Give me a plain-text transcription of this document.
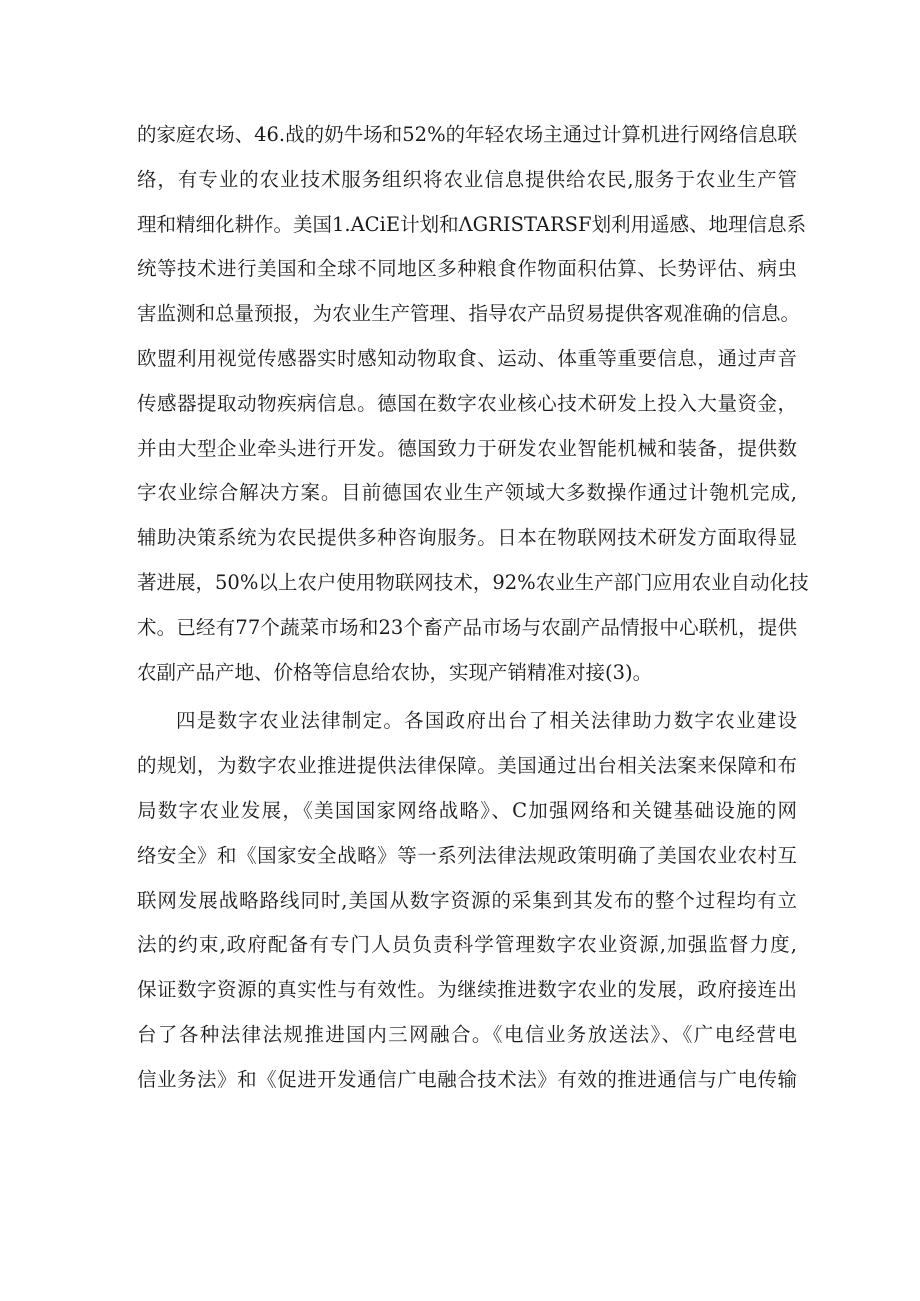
的家庭农场、46.战的奶牛场和52%的年轻农场主通过计算机进行网络信息联
络，有专业的农业技术服务组织将农业信息提供给农民,服务于农业生产管
理和精细化耕作。美国1.ACiE计划和ΛGRISTARSF划利用遥感、地理信息系
统等技术进行美国和全球不同地区多种粮食作物面积估算、长势评估、病虫
害监测和总量预报，为农业生产管理、指导农产品贸易提供客观准确的信息。
欧盟利用视觉传感器实时感知动物取食、运动、体重等重要信息，通过声音
传感器提取动物疾病信息。德国在数字农业核心技术研发上投入大量资金，
并由大型企业牵头进行开发。德国致力于研发农业智能机械和装备，提供数
字农业综合解决方案。目前德国农业生产领域大多数操作通过计匏机完成,
辅助决策系统为农民提供多种咨询服务。日本在物联网技术研发方面取得显
著进展，50%以上农户使用物联网技术，92%农业生产部门应用农业自动化技
术。已经有77个蔬菜市场和23个畜产品市场与农副产品情报中心联机，提供
农副产品产地、价格等信息给农协，实现产销精准对接(3)。
四是数字农业法律制定。各国政府出台了相关法律助力数字农业建设
的规划，为数字农业推进提供法律保障。美国通过出台相关法案来保障和布
局数字农业发展，《美国国家网络战略》、C加强网络和关键基础设施的网
络安全》和《国家安全战略》等一系列法律法规政策明确了美国农业农村互
联网发展战略路线同时,美国从数字资源的采集到其发布的整个过程均有立
法的约束,政府配备有专门人员负责科学管理数字农业资源,加强监督力度,
保证数字资源的真实性与有效性。为继续推进数字农业的发展，政府接连出
台了各种法律法规推进国内三网融合。《电信业务放送法》、《广电经营电
信业务法》和《促进开发通信广电融合技术法》有效的推进通信与广电传输
